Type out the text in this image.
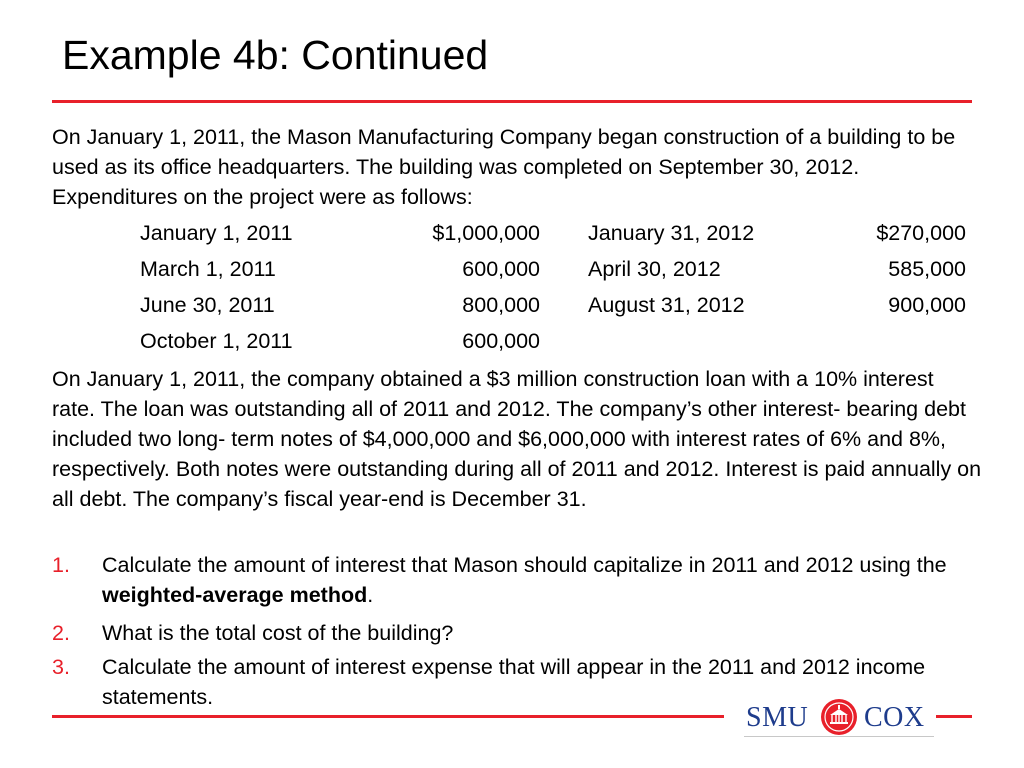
Example 4b: Continued

On January 1, 2011, the Mason Manufacturing Company began construction of a building to be used as its office headquarters. The building was completed on September 30, 2012. Expenditures on the project were as follows:

January 1, 2011	$1,000,000 January 31, 2012	$270,000
March 1, 2011	600,000 April 30, 2012	585,000
June 30, 2011	800,000 August 31, 2012	900,000
October 1, 2011	600,000

On January 1, 2011, the company obtained a $3 million construction loan with a 10% interest rate. The loan was outstanding all of 2011 and 2012. The company’s other interest- bearing debt included two long- term notes of $4,000,000 and $6,000,000 with interest rates of 6% and 8%, respectively. Both notes were outstanding during all of 2011 and 2012. Interest is paid annually on all debt. The company’s fiscal year-end is December 31.

1. Calculate the amount of interest that Mason should capitalize in 2011 and 2012 using the weighted-average method.
2. What is the total cost of the building?
3. Calculate the amount of interest expense that will appear in the 2011 and 2012 income statements.
SMU COX
